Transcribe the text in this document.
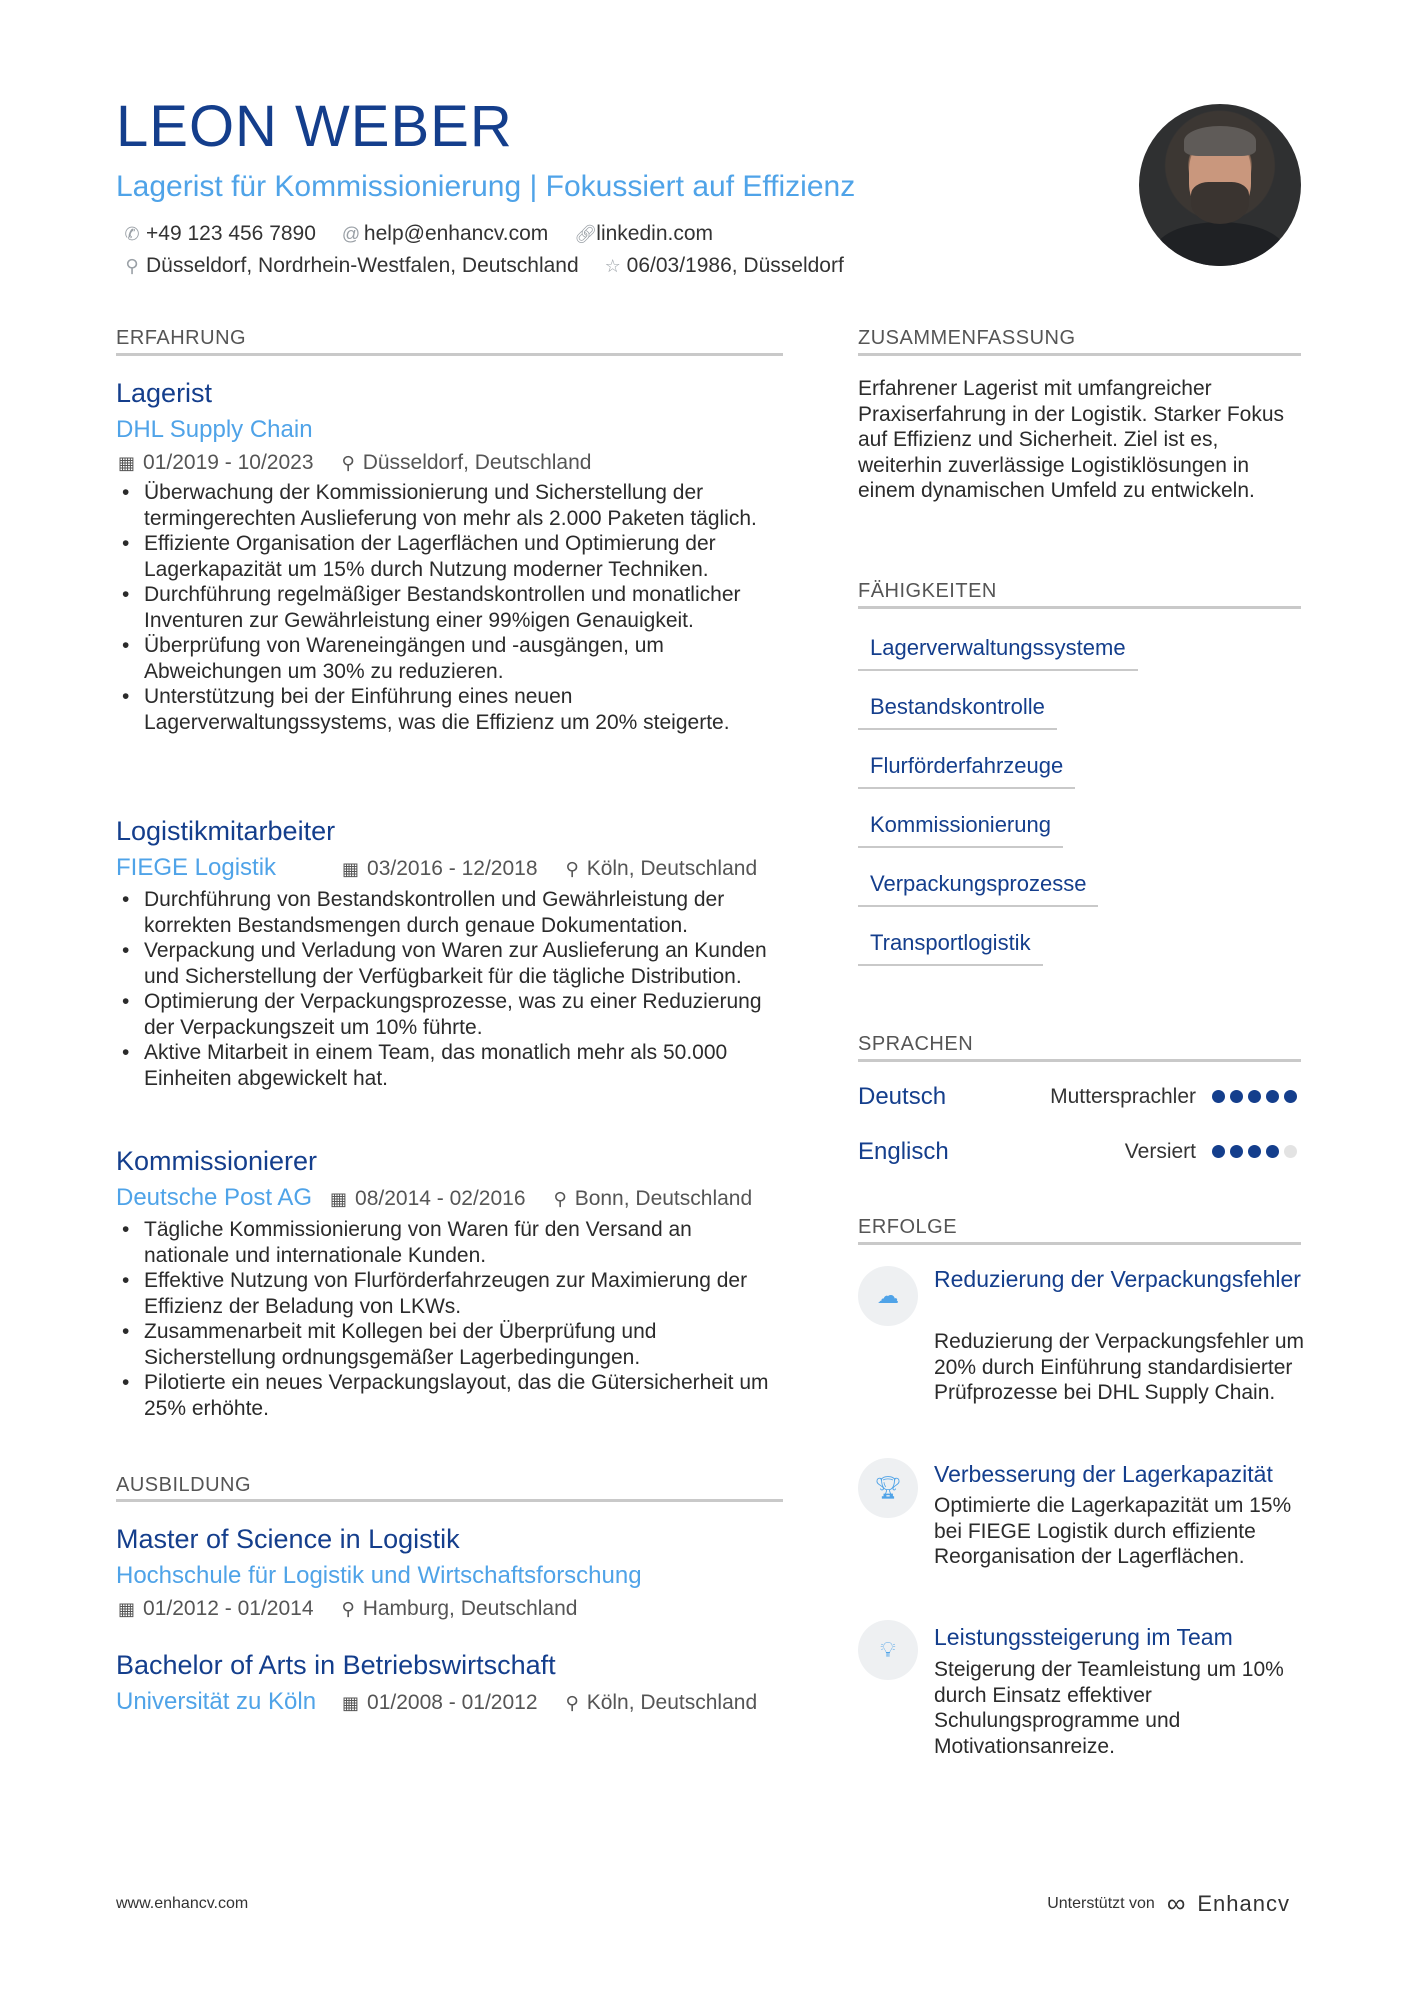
LEON WEBER
Lagerist für Kommissionierung | Fokussiert auf Effizienz
✆ +49 123 456 7890 @ help@enhancv.com 🔗︎ linkedin.com
⚲ Düsseldorf, Nordrhein-Westfalen, Deutschland ☆ 06/03/1986, Düsseldorf
ERFAHRUNG
Lagerist
DHL Supply Chain
▦ 01/2019 - 10/2023 ⚲ Düsseldorf, Deutschland
• Überwachung der Kommissionierung und Sicherstellung der termingerechten Auslieferung von mehr als 2.000 Paketen täglich.
• Effiziente Organisation der Lagerflächen und Optimierung der Lagerkapazität um 15% durch Nutzung moderner Techniken.
• Durchführung regelmäßiger Bestandskontrollen und monatlicher Inventuren zur Gewährleistung einer 99%igen Genauigkeit.
• Überprüfung von Wareneingängen und -ausgängen, um Abweichungen um 30% zu reduzieren.
• Unterstützung bei der Einführung eines neuen Lagerverwaltungssystems, was die Effizienz um 20% steigerte.
Logistikmitarbeiter
FIEGE Logistik	▦ 03/2016 - 12/2018 ⚲ Köln, Deutschland
• Durchführung von Bestandskontrollen und Gewährleistung der korrekten Bestandsmengen durch genaue Dokumentation.
• Verpackung und Verladung von Waren zur Auslieferung an Kunden und Sicherstellung der Verfügbarkeit für die tägliche Distribution.
• Optimierung der Verpackungsprozesse, was zu einer Reduzierung der Verpackungszeit um 10% führte.
• Aktive Mitarbeit in einem Team, das monatlich mehr als 50.000 Einheiten abgewickelt hat.
Kommissionierer
Deutsche Post AG ▦ 08/2014 - 02/2016 ⚲ Bonn, Deutschland
• Tägliche Kommissionierung von Waren für den Versand an nationale und internationale Kunden.
• Effektive Nutzung von Flurförderfahrzeugen zur Maximierung der Effizienz der Beladung von LKWs.
• Zusammenarbeit mit Kollegen bei der Überprüfung und Sicherstellung ordnungsgemäßer Lagerbedingungen.
• Pilotierte ein neues Verpackungslayout, das die Gütersicherheit um 25% erhöhte.
AUSBILDUNG
Master of Science in Logistik
Hochschule für Logistik und Wirtschaftsforschung
▦ 01/2012 - 01/2014 ⚲ Hamburg, Deutschland
Bachelor of Arts in Betriebswirtschaft
Universität zu Köln ▦ 01/2008 - 01/2012 ⚲ Köln, Deutschland
ZUSAMMENFASSUNG
Erfahrener Lagerist mit umfangreicher Praxiserfahrung in der Logistik. Starker Fokus auf Effizienz und Sicherheit. Ziel ist es, weiterhin zuverlässige Logistiklösungen in einem dynamischen Umfeld zu entwickeln.
FÄHIGKEITEN
Lagerverwaltungssysteme
Bestandskontrolle
Flurförderfahrzeuge
Kommissionierung
Verpackungsprozesse
Transportlogistik
SPRACHEN
Deutsch	Muttersprachler
Englisch	Versiert
ERFOLGE
☁
Reduzierung der Verpackungsfehler
Reduzierung der Verpackungsfehler um 20% durch Einführung standardisierter Prüfprozesse bei DHL Supply Chain.
🏆︎
Verbesserung der Lagerkapazität
Optimierte die Lagerkapazität um 15% bei FIEGE Logistik durch effiziente Reorganisation der Lagerflächen.
💡︎	Leistungssteigerung im Team
Steigerung der Teamleistung um 10% durch Einsatz effektiver Schulungsprogramme und Motivationsanreize.
www.enhancv.com	Unterstützt von ∞ Enhancv
